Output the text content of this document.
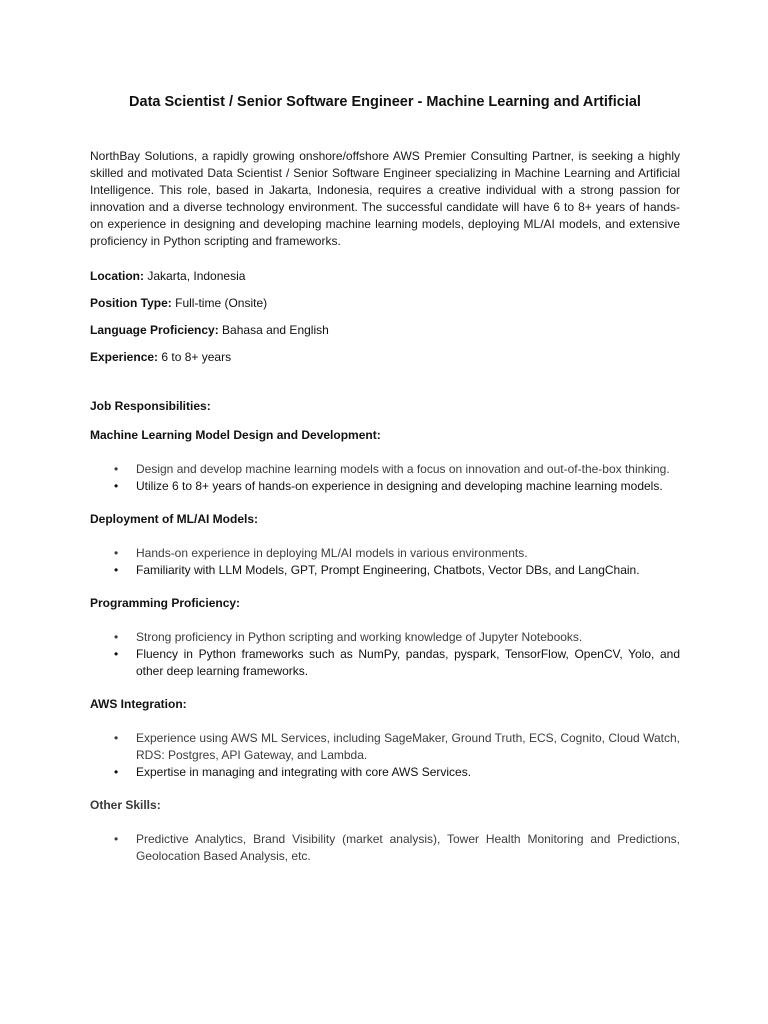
Data Scientist / Senior Software Engineer - Machine Learning and Artificial

NorthBay Solutions, a rapidly growing onshore/offshore AWS Premier Consulting Partner, is seeking a highly skilled and motivated Data Scientist / Senior Software Engineer specializing in Machine Learning and Artificial Intelligence. This role, based in Jakarta, Indonesia, requires a creative individual with a strong passion for innovation and a diverse technology environment. The successful candidate will have 6 to 8+ years of hands-on experience in designing and developing machine learning models, deploying ML/AI models, and extensive proficiency in Python scripting and frameworks.

Location: Jakarta, Indonesia
Position Type: Full-time (Onsite)
Language Proficiency: Bahasa and English
Experience: 6 to 8+ years
Job Responsibilities:
Machine Learning Model Design and Development:
• Design and develop machine learning models with a focus on innovation and out-of-the-box thinking.
• Utilize 6 to 8+ years of hands-on experience in designing and developing machine learning models.
Deployment of ML/AI Models:
• Hands-on experience in deploying ML/AI models in various environments.
• Familiarity with LLM Models, GPT, Prompt Engineering, Chatbots, Vector DBs, and LangChain.
Programming Proficiency:
• Strong proficiency in Python scripting and working knowledge of Jupyter Notebooks.
• Fluency in Python frameworks such as NumPy, pandas, pyspark, TensorFlow, OpenCV, Yolo, and other deep learning frameworks.
AWS Integration:
• Experience using AWS ML Services, including SageMaker, Ground Truth, ECS, Cognito, Cloud Watch, RDS: Postgres, API Gateway, and Lambda.
• Expertise in managing and integrating with core AWS Services.
Other Skills:
• Predictive Analytics, Brand Visibility (market analysis), Tower Health Monitoring and Predictions, Geolocation Based Analysis, etc.
